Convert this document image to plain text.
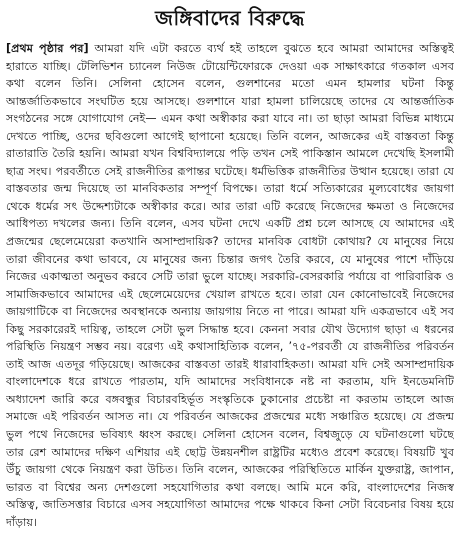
জঙ্গিবাদের বিরুদ্ধে

[প্রথম পৃষ্ঠার পর] আমরা যদি এটা করতে ব্যর্থ হই তাহলে বুঝতে হবে আমরা আমাদের অস্তিত্বই হারাতে যাচ্ছি। টেলিভিশন চ্যানেল নিউজ টোয়েন্টিফোরকে দেওয়া এক সাক্ষাৎকারে গতকাল এসব কথা বলেন তিনি। সেলিনা হোসেন বলেন, গুলশানের মতো এমন হামলার ঘটনা কিন্তু আন্তর্জাতিকভাবে সংঘটিত হয়ে আসছে। গুলশানে যারা হামলা চালিয়েছে তাদের যে আন্তর্জাতিক সংগঠনের সঙ্গে যোগাযোগ নেই— এমন কথা অস্বীকার করা যাবে না। তা ছাড়া আমরা বিভিন্ন মাধ্যমে দেখতে পাচ্ছি, ওদের ছবিগুলো আগেই ছাপানো হয়েছে। তিনি বলেন, আজকের এই বাস্তবতা কিন্তু রাতারাতি তৈরি হয়নি। আমরা যখন বিশ্ববিদ্যালয়ে পড়ি তখন সেই পাকিস্তান আমলে দেখেছি ইসলামী ছাত্র সংঘ। পরবর্তীতে সেই রাজনীতির রূপান্তর ঘটেছে। ধর্মভিত্তিক রাজনীতির উত্থান হয়েছে। তারা যে বাস্তবতার জন্ম দিয়েছে তা মানবিকতার সম্পূর্ণ বিপক্ষে। তারা ধর্মে সত্যিকারের মূল্যবোধের জায়গা থেকে ধর্মের সৎ উদ্দেশ্যটাকে অস্বীকার করে। আর তারা এটি করেছে নিজেদের ক্ষমতা ও নিজেদের আধিপত্য দখলের জন্য। তিনি বলেন, এসব ঘটনা দেখে একটি প্রশ্ন চলে আসছে যে আমাদের এই প্রজন্মের ছেলেমেয়েরা কতখানি অসাম্প্রদায়িক? তাদের মানবিক বোধটা কোথায়? যে মানুষের নিয়ে তারা জীবনের কথা ভাববে, যে মানুষের জন্য চিন্তার জগৎ তৈরি করবে, যে মানুষের পাশে দাঁড়িয়ে নিজের একাত্মতা অনুভব করবে সেটি তারা ভুলে যাচ্ছে। সরকারি-বেসরকারি পর্যায়ে বা পারিবারিক ও সামাজিকভাবে আমাদের এই ছেলেমেয়েদের খেয়াল রাখতে হবে। তারা যেন কোনোভাবেই নিজেদের জায়গাটিকে বা নিজেদের অবস্থানকে অন্যায় জায়গায় নিতে না পারে। আমরা যদি একত্রভাবে এই সব কিছু সরকারেরই দায়িত্ব, তাহলে সেটা ভুল সিদ্ধান্ত হবে। কেননা সবার যৌথ উদ্যোগ ছাড়া এ ধরনের পরিস্থিতি নিয়ন্ত্রণ সম্ভব নয়। বরেণ্য এই কথাসাহিত্যিক বলেন, ’৭৫-পরবর্তী যে রাজনীতির পরিবর্তন তাই আজ এতদূর গড়িয়েছে। আজকের বাস্তবতা তারই ধারাবাহিকতা। আমরা যদি সেই অসাম্প্রদায়িক বাংলাদেশকে ধরে রাখতে পারতাম, যদি আমাদের সংবিধানকে নষ্ট না করতাম, যদি ইনডেমনিটি অধ্যাদেশ জারি করে বঙ্গবন্ধুর বিচারবহির্ভূত সংস্কৃতিকে ঢুকানোর প্রচেষ্টা না করতাম তাহলে আজ সমাজে এই পরিবর্তন আসত না। যে পরিবর্তন আজকের প্রজন্মের মধ্যে সঞ্চারিত হয়েছে। যে প্রজন্ম ভুল পথে নিজেদের ভবিষ্যৎ ধ্বংস করছে। সেলিনা হোসেন বলেন, বিশ্বজুড়ে যে ঘটনাগুলো ঘটছে তার রেশ আমাদের দক্ষিণ এশিয়ার এই ছোট্ট উন্নয়নশীল রাষ্ট্রটির মধ্যেও প্রবেশ করেছে। বিষয়টি খুব উঁচু জায়গা থেকে নিয়ন্ত্রণ করা উচিত। তিনি বলেন, আজকের পরিস্থিতিতে মার্কিন যুক্তরাষ্ট্র, জাপান, ভারত বা বিশ্বের অন্য দেশগুলো সহযোগিতার কথা বলছে। আমি মনে করি, বাংলাদেশের নিজস্ব অস্তিত্ব, জাতিসত্তার বিচারে এসব সহযোগিতা আমাদের পক্ষে থাকবে কিনা সেটা বিবেচনার বিষয় হয়ে দাঁড়ায়।
